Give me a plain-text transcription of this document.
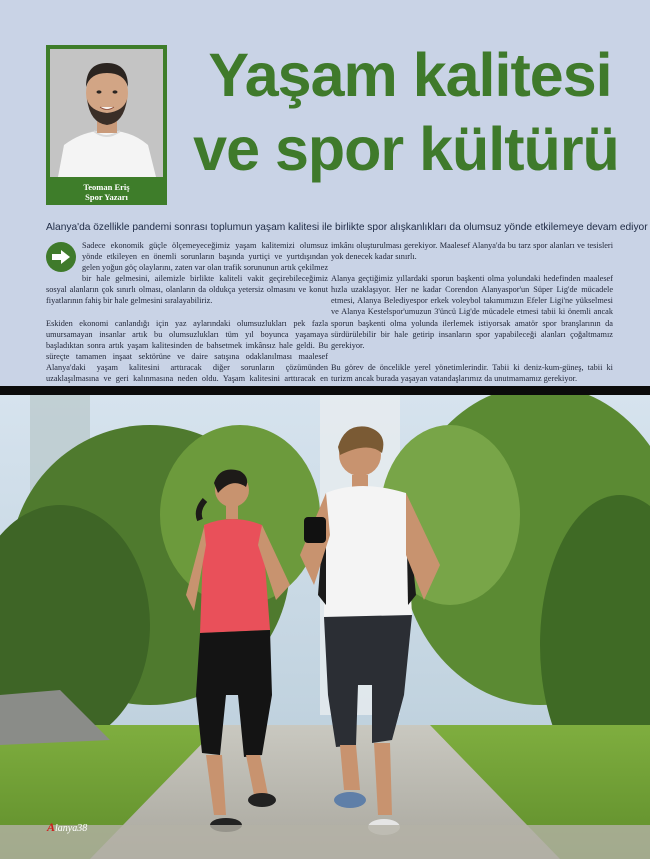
Teoman Eriş
Spor Yazarı
Yaşam kalitesi
ve spor kültürü
Alanya'da özellikle pandemi sonrası toplumun yaşam kalitesi ile birlikte spor alışkanlıkları da olumsuz yönde etkilemeye devam ediyor

Sadece ekonomik güçle ölçemeyeceğimiz yaşam kalitemizi olumsuz yönde etkileyen en önemli sorunların başında yurtiçi ve yurtdışından gelen yoğun göç olaylarını, zaten var olan trafik sorununun artık çekilmez bir hale gelmesini, ailemizle birlikte kaliteli vakit geçirebileceğimiz sosyal alanların çok sınırlı olması, olanların da oldukça yetersiz olmasını ve konut fiyatlarının fahiş bir hale gelmesini sıralayabiliriz.

Eskiden ekonomi canlandığı için yaz aylarındaki olumsuzlukları pek fazla umursamayan insanlar artık bu olumsuzlukları tüm yıl boyunca yaşamaya başladıktan sonra artık yaşam kalitesinden de bahsetmek imkânsız hale geldi. Bu süreçte tamamen inşaat sektörüne ve daire satışına odaklanılması maalesef Alanya'daki yaşam kalitesini arttıracak diğer sorunların çözümünden uzaklaşılmasına ve geri kalınmasına neden oldu. Yaşam kalitesini arttıracak en

imkânı oluşturulması gerekiyor. Maalesef Alanya'da bu tarz spor alanları ve tesisleri yok denecek kadar sınırlı.

Alanya geçtiğimiz yıllardaki sporun başkenti olma yolundaki hedefinden maalesef hızla uzaklaşıyor. Her ne kadar Corendon Alanyaspor'un Süper Lig'de mücadele etmesi, Alanya Belediyespor erkek voleybol takımımızın Efeler Ligi'ne yükselmesi ve Alanya Kestelspor'umuzun 3'üncü Lig'de mücadele etmesi tabii ki önemli ancak sporun başkenti olma yolunda ilerlemek istiyorsak amatör spor branşlarının da sürdürülebilir bir hale getirip insanların spor yapabileceği alanları çoğaltmamız gerekiyor.

Bu görev de öncelikle yerel yönetimlerindir. Tabii ki deniz-kum-güneş, tabii ki turizm ancak burada yaşayan vatandaşlarımız da unutmamamız gerekiyor.

Alanya38
